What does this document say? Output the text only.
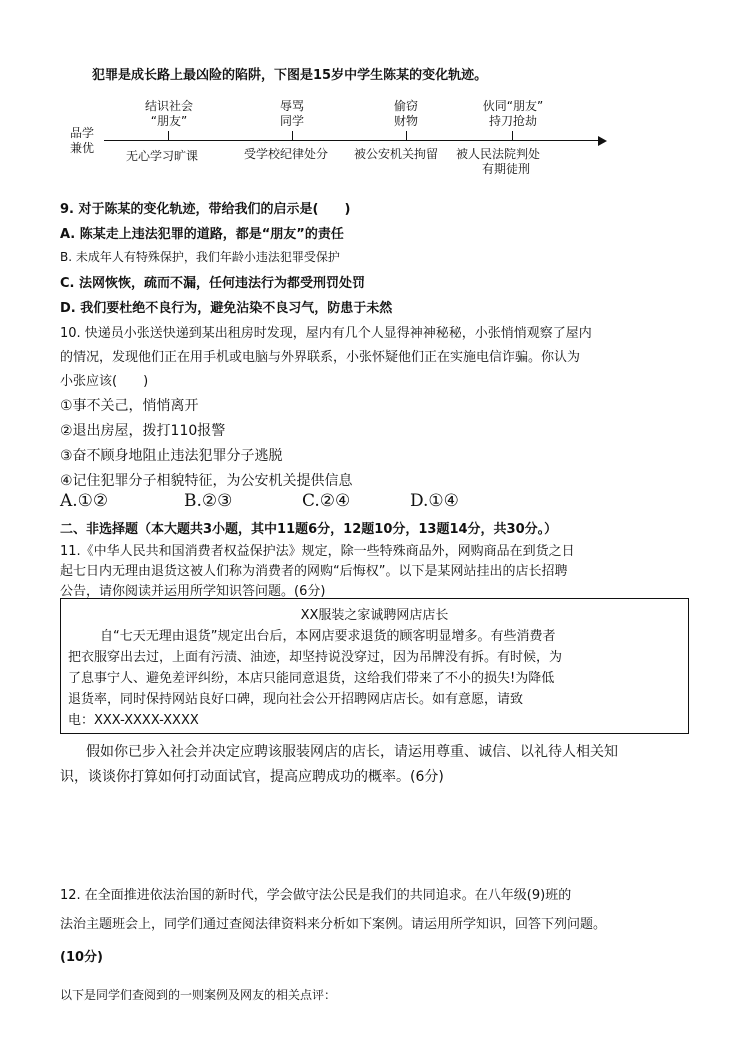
犯罪是成长路上最凶险的陷阱，下图是15岁中学生陈某的变化轨迹。
品学
兼优
结识社会
“朋友”
辱骂
同学
偷窃
财物
伙同“朋友”
持刀抢劫
无心学习旷课	受学校纪律处分 被公安机关拘留 被人民法院判处
有期徒刑
9. 对于陈某的变化轨迹，带给我们的启示是(　　)
A. 陈某走上违法犯罪的道路，都是“朋友”的责任
B. 未成年人有特殊保护，我们年龄小违法犯罪受保护
C. 法网恢恢，疏而不漏，任何违法行为都受刑罚处罚
D. 我们要杜绝不良行为，避免沾染不良习气，防患于未然
10. 快递员小张送快递到某出租房时发现，屋内有几个人显得神神秘秘，小张悄悄观察了屋内
的情况，发现他们正在用手机或电脑与外界联系，小张怀疑他们正在实施电信诈骗。你认为
小张应该(　　)
①事不关己，悄悄离开
②退出房屋，拨打110报警
③奋不顾身地阻止违法犯罪分子逃脱
④记住犯罪分子相貌特征，为公安机关提供信息
A.①②	B.②③	C.②④	D.①④
二、非选择题（本大题共3小题，其中11题6分，12题10分，13题14分，共30分。）
11.《中华人民共和国消费者权益保护法》规定，除一些特殊商品外，网购商品在到货之日
起七日内无理由退货这被人们称为消费者的网购“后悔权”。以下是某网站挂出的店长招聘
公告，请你阅读并运用所学知识答问题。(6分)
XX服装之家诚聘网店店长
自“七天无理由退货”规定出台后，本网店要求退货的顾客明显增多。有些消费者
把衣服穿出去过，上面有污渍、油迹，却坚持说没穿过，因为吊牌没有拆。有时候，为
了息事宁人、避免差评纠纷，本店只能同意退货，这给我们带来了不小的损失!为降低
退货率，同时保持网站良好口碑，现向社会公开招聘网店店长。如有意愿，请致
电：XXX-XXXX-XXXX
假如你已步入社会并决定应聘该服装网店的店长，请运用尊重、诚信、以礼待人相关知
识，谈谈你打算如何打动面试官，提高应聘成功的概率。(6分)
12. 在全面推进依法治国的新时代，学会做守法公民是我们的共同追求。在八年级(9)班的
法治主题班会上，同学们通过查阅法律资料来分析如下案例。请运用所学知识，回答下列问题。
(10分)
以下是同学们查阅到的一则案例及网友的相关点评：
